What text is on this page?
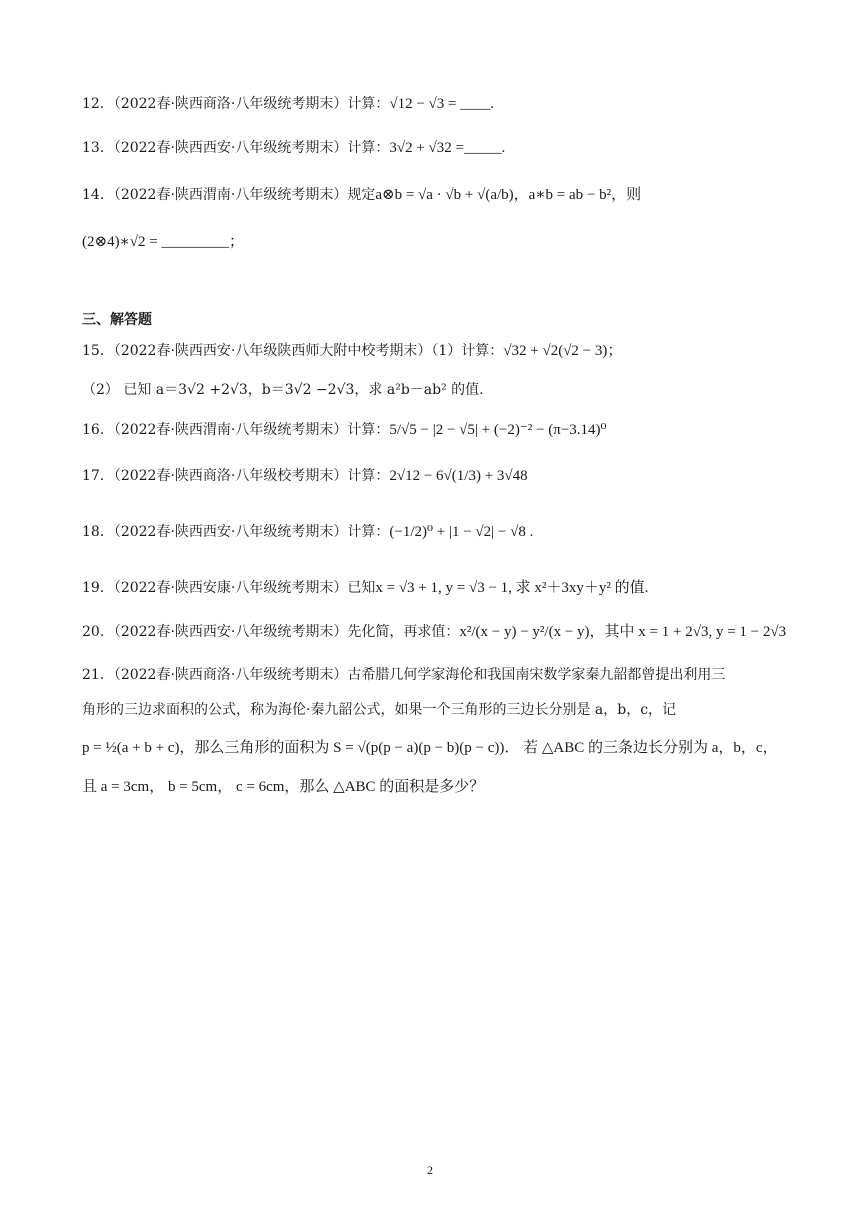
12．（2022春·陕西商洛·八年级统考期末）计算：√12 − √3 = ____.
13．（2022春·陕西西安·八年级统考期末）计算：3√2 + √32 =_____.
14．（2022春·陕西渭南·八年级统考期末）规定a⊗b = √a · √b + √(a/b)，a∗b = ab − b²，则
(2⊗4)∗√2 = _________；
三、解答题
15．（2022春·陕西西安·八年级陕西师大附中校考期末）（1）计算：√32 + √2(√2 − 3)；
（2） 已知 a＝3√2 +2√3，b＝3√2 −2√3，求 a²b－ab² 的值.
16．（2022春·陕西渭南·八年级统考期末）计算：5/√5 − |2 − √5| + (−2)⁻² − (π−3.14)⁰
17．（2022春·陕西商洛·八年级校考期末）计算：2√12 − 6√(1/3) + 3√48
18．（2022春·陕西西安·八年级统考期末）计算：(−1/2)⁰ + |1 − √2| − √8 .
19．（2022春·陕西安康·八年级统考期末）已知x = √3 + 1, y = √3 − 1, 求 x²＋3xy＋y² 的值.
20．（2022春·陕西西安·八年级统考期末）先化简，再求值：x²/(x − y) − y²/(x − y)，其中 x = 1 + 2√3, y = 1 − 2√3
21．（2022春·陕西商洛·八年级统考期末）古希腊几何学家海伦和我国南宋数学家秦九韶都曾提出利用三
角形的三边求面积的公式，称为海伦·秦九韶公式，如果一个三角形的三边长分别是 a，b，c，记
p = ½(a + b + c)，那么三角形的面积为 S = √(p(p − a)(p − b)(p − c))． 若 △ABC 的三条边长分别为 a，b，c，
且 a = 3cm， b = 5cm， c = 6cm，那么 △ABC 的面积是多少？
2
